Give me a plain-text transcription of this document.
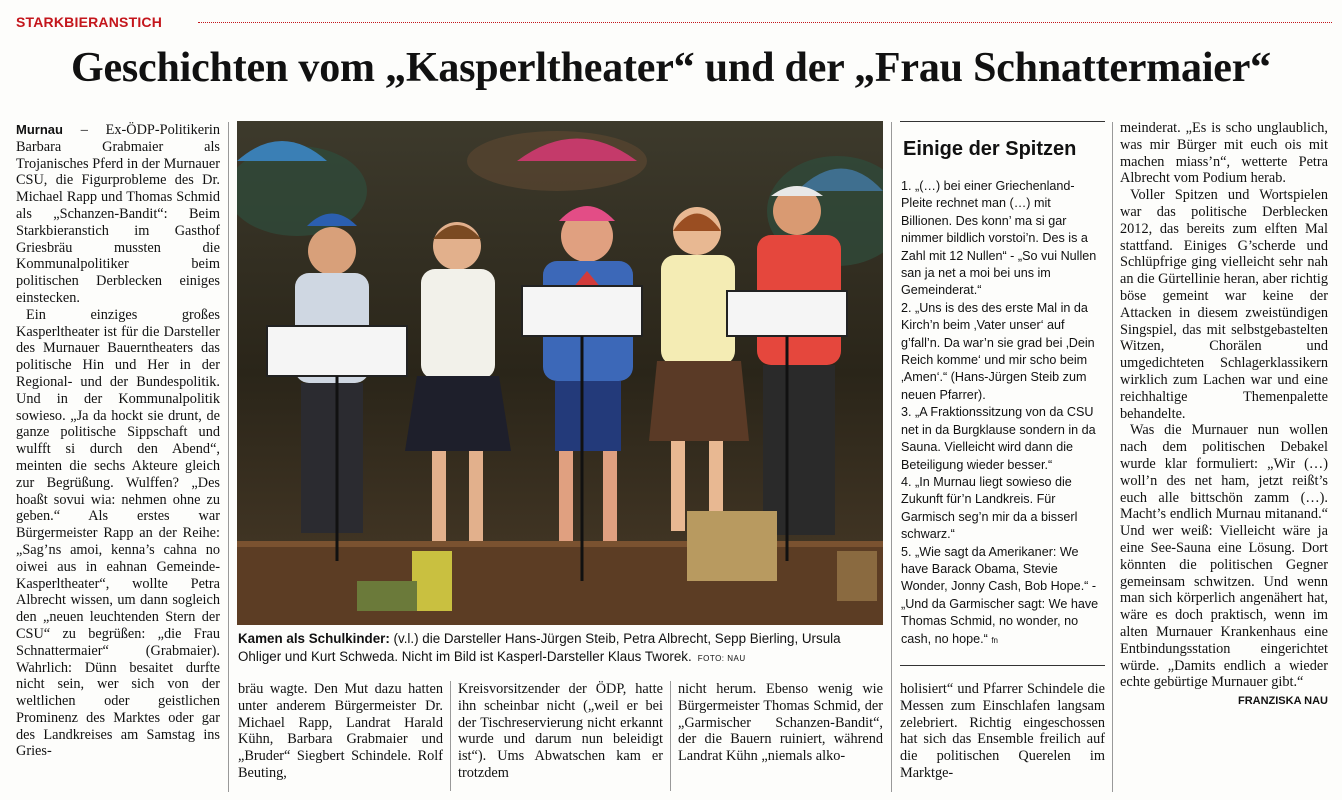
STARKBIERANSTICH
Geschichten vom „Kasperltheater“ und der „Frau Schnattermaier“

Murnau – Ex-ÖDP-Politikerin Barbara Grabmaier als Trojanisches Pferd in der Murnauer CSU, die Figurprobleme des Dr. Michael Rapp und Thomas Schmid als „Schanzen-Bandit“: Beim Starkbieranstich im Gasthof Griesbräu mussten die Kommunalpolitiker beim politischen Derblecken einiges einstecken.

Ein einziges großes Kasperltheater ist für die Darsteller des Murnauer Bauerntheaters das politische Hin und Her in der Regional- und der Bundespolitik. Und in der Kommunalpolitik sowieso. „Ja da hockt sie drunt, de ganze politische Sippschaft und wulfft si durch den Abend“, meinten die sechs Akteure gleich zur Begrüßung. Wulffen? „Des hoaßt sovui wia: nehmen ohne zu geben.“ Als erstes war Bürgermeister Rapp an der Reihe: „Sag’ns amoi, kenna’s cahna no oiwei aus in eahnan Gemeinde-Kasperltheater“, wollte Petra Albrecht wissen, um dann sogleich den „neuen leuchtenden Stern der CSU“ zu begrüßen: „die Frau Schnattermaier“ (Grabmaier). Wahrlich: Dünn besaitet durfte nicht sein, wer sich von der weltlichen oder geistlichen Prominenz des Marktes oder gar des Landkreises am Samstag ins Gries-

Kamen als Schulkinder: (v.l.) die Darsteller Hans-Jürgen Steib, Petra Albrecht, Sepp Bierling, Ursula Ohliger und Kurt Schweda. Nicht im Bild ist Kasperl-Darsteller Klaus Tworek. FOTO: NAU
bräu wagte. Den Mut dazu hatten unter anderem Bürgermeister Dr. Michael Rapp, Landrat Harald Kühn, Barbara Grabmaier und „Bruder“ Siegbert Schindele. Rolf Beuting,
Kreisvorsitzender der ÖDP, hatte ihn scheinbar nicht („weil er bei der Tischreservierung nicht erkannt wurde und darum nun beleidigt ist“). Ums Abwatschen kam er trotzdem
nicht herum. Ebenso wenig wie Bürgermeister Thomas Schmid, der „Garmischer Schanzen-Bandit“, der die Bauern ruiniert, während Landrat Kühn „niemals alko-
holisiert“ und Pfarrer Schindele die Messen zum Einschlafen langsam zelebriert. Richtig eingeschossen hat sich das Ensemble freilich auf die politischen Querelen im Marktge-
Einige der Spitzen

1. „(…) bei einer Griechenland-Pleite rechnet man (…) mit Billionen. Des konn’ ma si gar nimmer bildlich vorstoi’n. Des is a Zahl mit 12 Nullen“ - „So vui Nullen san ja net a moi bei uns im Gemeinderat.“

2. „Uns is des des erste Mal in da Kirch’n beim ‚Vater unser‘ auf g’fall’n. Da war’n sie grad bei ‚Dein Reich komme‘ und mir scho beim ‚Amen‘.“ (Hans-Jürgen Steib zum neuen Pfarrer).

3. „A Fraktionssitzung von da CSU net in da Burgklause sondern in da Sauna. Vielleicht wird dann die Beteiligung wieder besser.“

4. „In Murnau liegt sowieso die Zukunft für’n Landkreis. Für Garmisch seg’n mir da a bisserl schwarz.“

5. „Wie sagt da Amerikaner: We have Barack Obama, Stevie Wonder, Jonny Cash, Bob Hope.“ - „Und da Garmischer sagt: We have Thomas Schmid, no wonder, no cash, no hope.“ fn

meinderat. „Es is scho unglaublich, was mir Bürger mit euch ois mit machen miass’n“, wetterte Petra Albrecht vom Podium herab.

Voller Spitzen und Wortspielen war das politische Derblecken 2012, das bereits zum elften Mal stattfand. Einiges G’scherde und Schlüpfrige ging vielleicht sehr nah an die Gürtellinie heran, aber richtig böse gemeint war keine der Attacken in diesem zweistündigen Singspiel, das mit selbstgebastelten Witzen, Chorälen und umgedichteten Schlagerklassikern wirklich zum Lachen war und eine reichhaltige Themenpalette behandelte.

Was die Murnauer nun wollen nach dem politischen Debakel wurde klar formuliert: „Wir (…) woll’n des net ham, jetzt reißt’s euch alle bittschön zamm (…). Macht’s endlich Murnau mitanand.“ Und wer weiß: Vielleicht wäre ja eine See-Sauna eine Lösung. Dort könnten die politischen Gegner gemeinsam schwitzen. Und wenn man sich körperlich angenähert hat, wäre es doch praktisch, wenn im alten Murnauer Krankenhaus eine Entbindungsstation eingerichtet würde. „Damits endlich a wieder echte gebürtige Murnauer gibt.“
FRANZISKA NAU
